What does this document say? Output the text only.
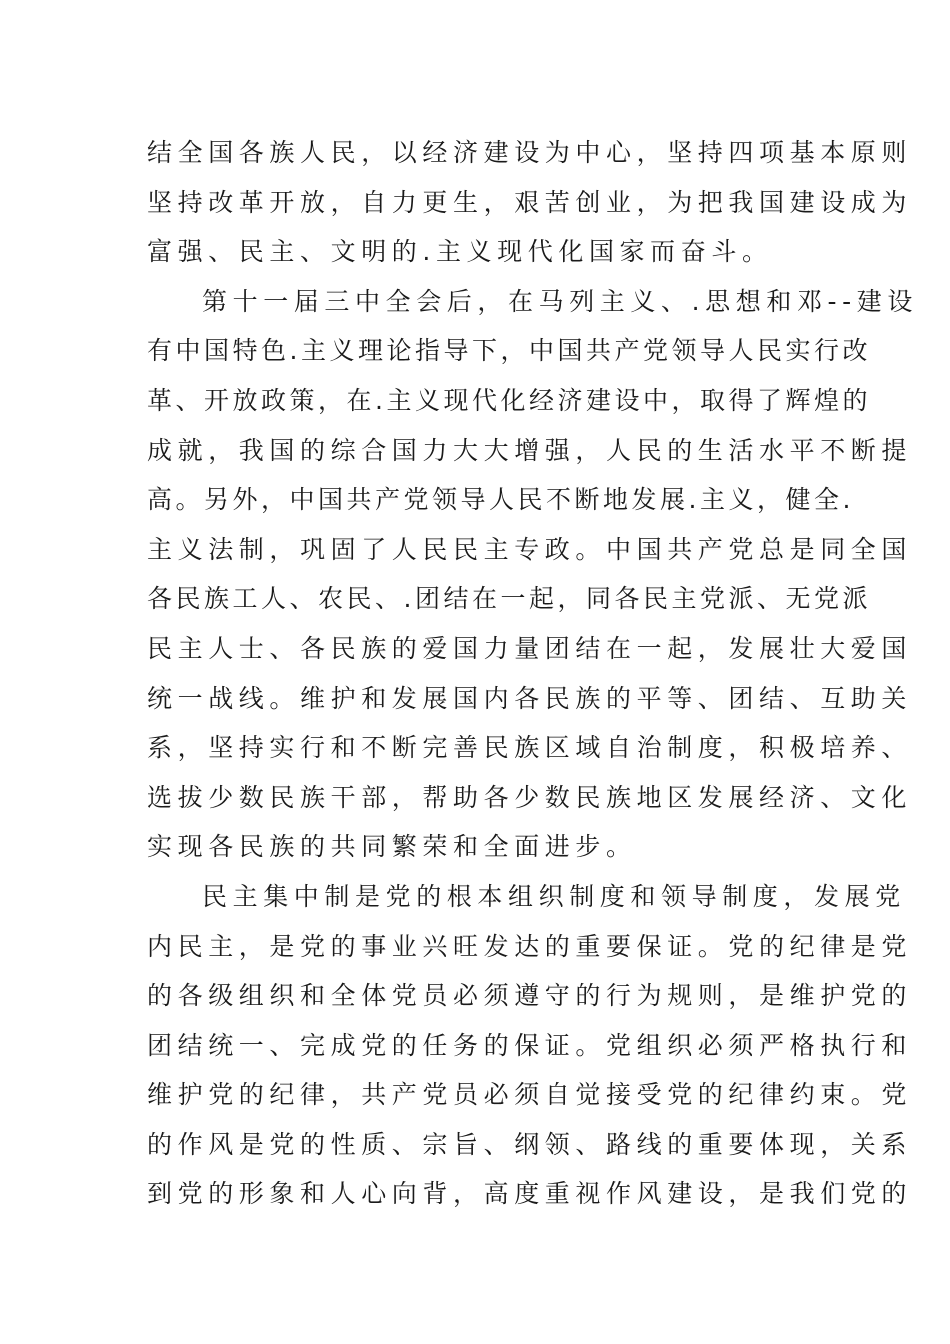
结全国各族人民，以经济建设为中心，坚持四项基本原则
坚持改革开放，自力更生，艰苦创业，为把我国建设成为
富强、民主、文明的.主义现代化国家而奋斗。
第十一届三中全会后，在马列主义、.思想和邓--建设
有中国特色.主义理论指导下，中国共产党领导人民实行改
革、开放政策，在.主义现代化经济建设中，取得了辉煌的
成就，我国的综合国力大大增强，人民的生活水平不断提
高。另外，中国共产党领导人民不断地发展.主义，健全.
主义法制，巩固了人民民主专政。中国共产党总是同全国
各民族工人、农民、.团结在一起，同各民主党派、无党派
民主人士、各民族的爱国力量团结在一起，发展壮大爱国
统一战线。维护和发展国内各民族的平等、团结、互助关
系，坚持实行和不断完善民族区域自治制度，积极培养、
选拔少数民族干部，帮助各少数民族地区发展经济、文化
实现各民族的共同繁荣和全面进步。
民主集中制是党的根本组织制度和领导制度，发展党
内民主，是党的事业兴旺发达的重要保证。党的纪律是党
的各级组织和全体党员必须遵守的行为规则，是维护党的
团结统一、完成党的任务的保证。党组织必须严格执行和
维护党的纪律，共产党员必须自觉接受党的纪律约束。党
的作风是党的性质、宗旨、纲领、路线的重要体现，关系
到党的形象和人心向背，高度重视作风建设，是我们党的
